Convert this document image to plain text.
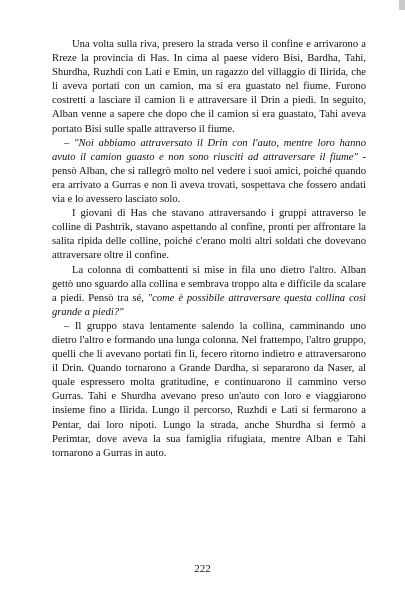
Una volta sulla riva, presero la strada verso il confine e arrivarono a Rreze la provincia di Has. In cima al paese videro Bisi, Bardha, Tahi, Shurdha, Ruzhdi con Lati e Emin, un ragazzo del villaggio di Ilirida, che li aveva portati con un camion, ma si era guastato nel fiume. Furono costretti a lasciare il camion lì e attraversare il Drin a piedi. In seguito, Alban venne a sapere che dopo che il camion si era guastato, Tahi aveva portato Bisi sulle spalle attraverso il fiume.

– "Noi abbiamo attraversato il Drin con l'auto, mentre loro hanno avuto il camion guasto e non sono riusciti ad attraversare il fiume" - pensò Alban, che si rallegrò molto nel vedere i suoi amici, poiché quando era arrivato a Gurras e non li aveva trovati, sospettava che fossero andati via e lo avessero lasciato solo.

I giovani di Has che stavano attraversando i gruppi attraverso le colline di Pashtrik, stavano aspettando al confine, pronti per affrontare la salita ripida delle colline, poiché c'erano molti altri soldati che dovevano attraversare oltre il confine.

La colonna di combattenti si mise in fila uno dietro l'altro. Alban gettò uno sguardo alla collina e sembrava troppo alta e difficile da scalare a piedi. Pensò tra sé, "come è possibile attraversare questa collina così grande a piedi?"

– Il gruppo stava lentamente salendo la collina, camminando uno dietro l'altro e formando una lunga colonna. Nel frattempo, l'altro gruppo, quelli che li avevano portati fin lì, fecero ritorno indietro e attraversarono il Drin. Quando tornarono a Grande Dardha, si separarono da Naser, al quale espressero molta gratitudine, e continuarono il cammino verso Gurras. Tahi e Shurdha avevano preso un'auto con loro e viaggiarono insieme fino a Ilirida. Lungo il percorso, Ruzhdi e Lati si fermarono a Pentar, dai loro nipoti. Lungo la strada, anche Shurdha si fermò a Perimtar, dove aveva la sua famiglia rifugiata, mentre Alban e Tahi tornarono a Gurras in auto.

222
